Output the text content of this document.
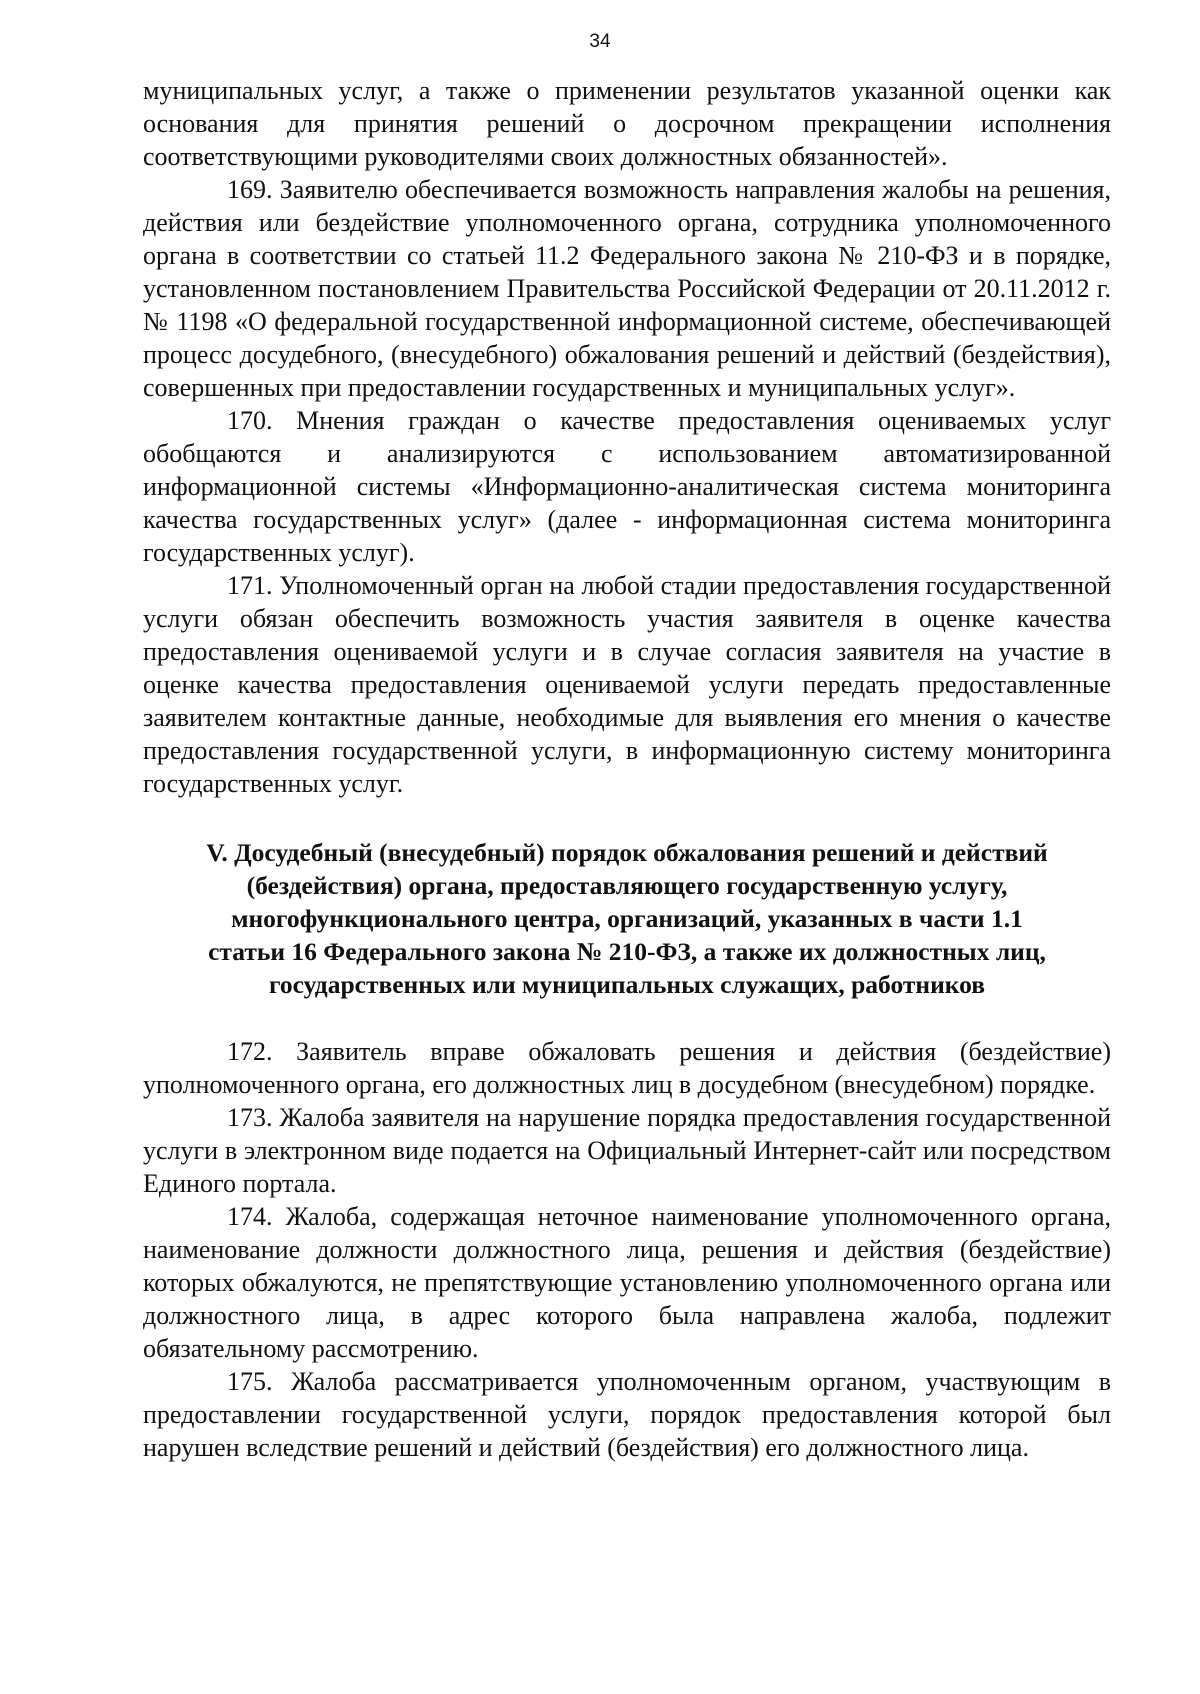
34

муниципальных услуг, а также о применении результатов указанной оценки как основания для принятия решений о досрочном прекращении исполнения соответствующими руководителями своих должностных обязанностей».

169. Заявителю обеспечивается возможность направления жалобы на решения, действия или бездействие уполномоченного органа, сотрудника уполномоченного органа в соответствии со статьей 11.2 Федерального закона № 210-ФЗ и в порядке, установленном постановлением Правительства Российской Федерации от 20.11.2012 г. № 1198 «О федеральной государственной информационной системе, обеспечивающей процесс досудебного, (внесудебного) обжалования решений и действий (бездействия), совершенных при предоставлении государственных и муниципальных услуг».

170. Мнения граждан о качестве предоставления оцениваемых услуг обобщаются и анализируются с использованием автоматизированной информационной системы «Информационно-аналитическая система мониторинга качества государственных услуг» (далее - информационная система мониторинга государственных услуг).

171. Уполномоченный орган на любой стадии предоставления государственной услуги обязан обеспечить возможность участия заявителя в оценке качества предоставления оцениваемой услуги и в случае согласия заявителя на участие в оценке качества предоставления оцениваемой услуги передать предоставленные заявителем контактные данные, необходимые для выявления его мнения о качестве предоставления государственной услуги, в информационную систему мониторинга государственных услуг.

V. Досудебный (внесудебный) порядок обжалования решений и действий
(бездействия) органа, предоставляющего государственную услугу,
многофункционального центра, организаций, указанных в части 1.1
статьи 16 Федерального закона № 210-ФЗ, а также их должностных лиц,
государственных или муниципальных служащих, работников

172. Заявитель вправе обжаловать решения и действия (бездействие) уполномоченного органа, его должностных лиц в досудебном (внесудебном) порядке.

173. Жалоба заявителя на нарушение порядка предоставления государственной услуги в электронном виде подается на Официальный Интернет-сайт или посредством Единого портала.

174. Жалоба, содержащая неточное наименование уполномоченного органа, наименование должности должностного лица, решения и действия (бездействие) которых обжалуются, не препятствующие установлению уполномоченного органа или должностного лица, в адрес которого была направлена жалоба, подлежит обязательному рассмотрению.

175. Жалоба рассматривается уполномоченным органом, участвующим в предоставлении государственной услуги, порядок предоставления которой был нарушен вследствие решений и действий (бездействия) его должностного лица.
